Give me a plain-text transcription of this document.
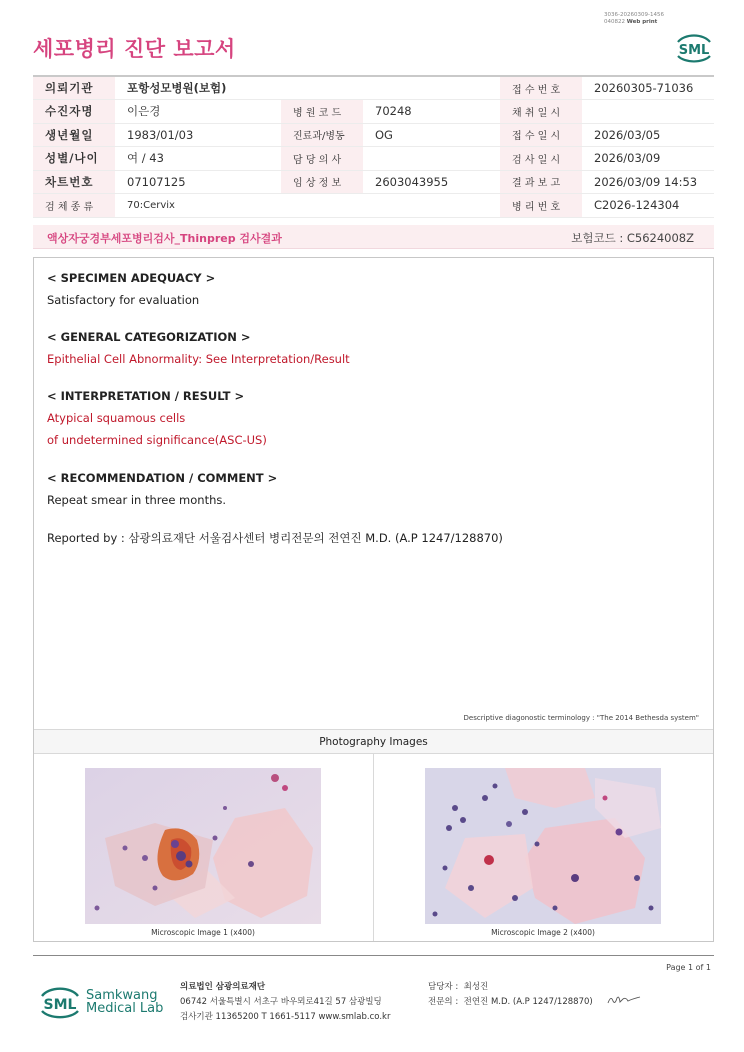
3036-20260309-1456
040822 Web print
세포병리 진단 보고서	SML
의뢰기관	포항성모병원(보험)			접 수 번 호	20260305-71036
수진자명	이은경	병 원 코 드	70248	채 취 일 시	
생년월일	1983/01/03	진료과/병동	OG	접 수 일 시	2026/03/05
성별/나이	여 / 43	담 당 의 사		검 사 일 시	2026/03/09
차트번호	07107125	임 상 정 보	2603043955	결 과 보 고	2026/03/09 14:53
검 체 종 류	70:Cervix			병 리 번 호	C2026-124304
액상자궁경부세포병리검사_Thinprep 검사결과	보험코드 : C5624008Z
< SPECIMEN ADEQUACY >
Satisfactory for evaluation
< GENERAL CATEGORIZATION >
Epithelial Cell Abnormality: See Interpretation/Result
< INTERPRETATION / RESULT >
Atypical squamous cells
of undetermined significance(ASC-US)
< RECOMMENDATION / COMMENT >
Repeat smear in three months.
Reported by : 삼광의료재단 서울검사센터 병리전문의 전연진 M.D. (A.P 1247/128870)
Descriptive diagonostic terminology : "The 2014 Bethesda system"
Photography Images
Microscopic Image 1 (x400)	Microscopic Image 2 (x400)
Page 1 of 1
SML
Samkwang
Medical Lab
의료법인 삼광의료재단
06742 서울특별시 서초구 바우뫼로41길 57 삼광빌딩
검사기관 11365200 T 1661-5117 www.smlab.co.kr
담당자 : 최성진
전문의 : 전연진 M.D. (A.P 1247/128870)
